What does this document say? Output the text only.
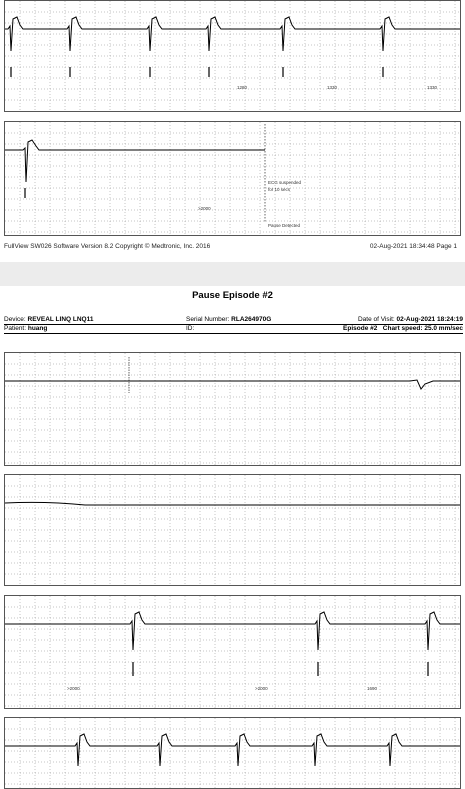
1280	1330	1330
>2000
ECG suspended
for 10 secs
Pause Detected
FullView SW026 Software Version 8.2 Copyright © Medtronic, Inc. 2016	02-Aug-2021 18:34:48 Page 1
Pause Episode #2
Device: REVEAL LINQ LNQ11	Serial Number: RLA264970G	Date of Visit: 02-Aug-2021 18:24:19
Patient: huang	ID:	Episode #2 Chart speed: 25.0 mm/sec
>2000	>2000	1690
